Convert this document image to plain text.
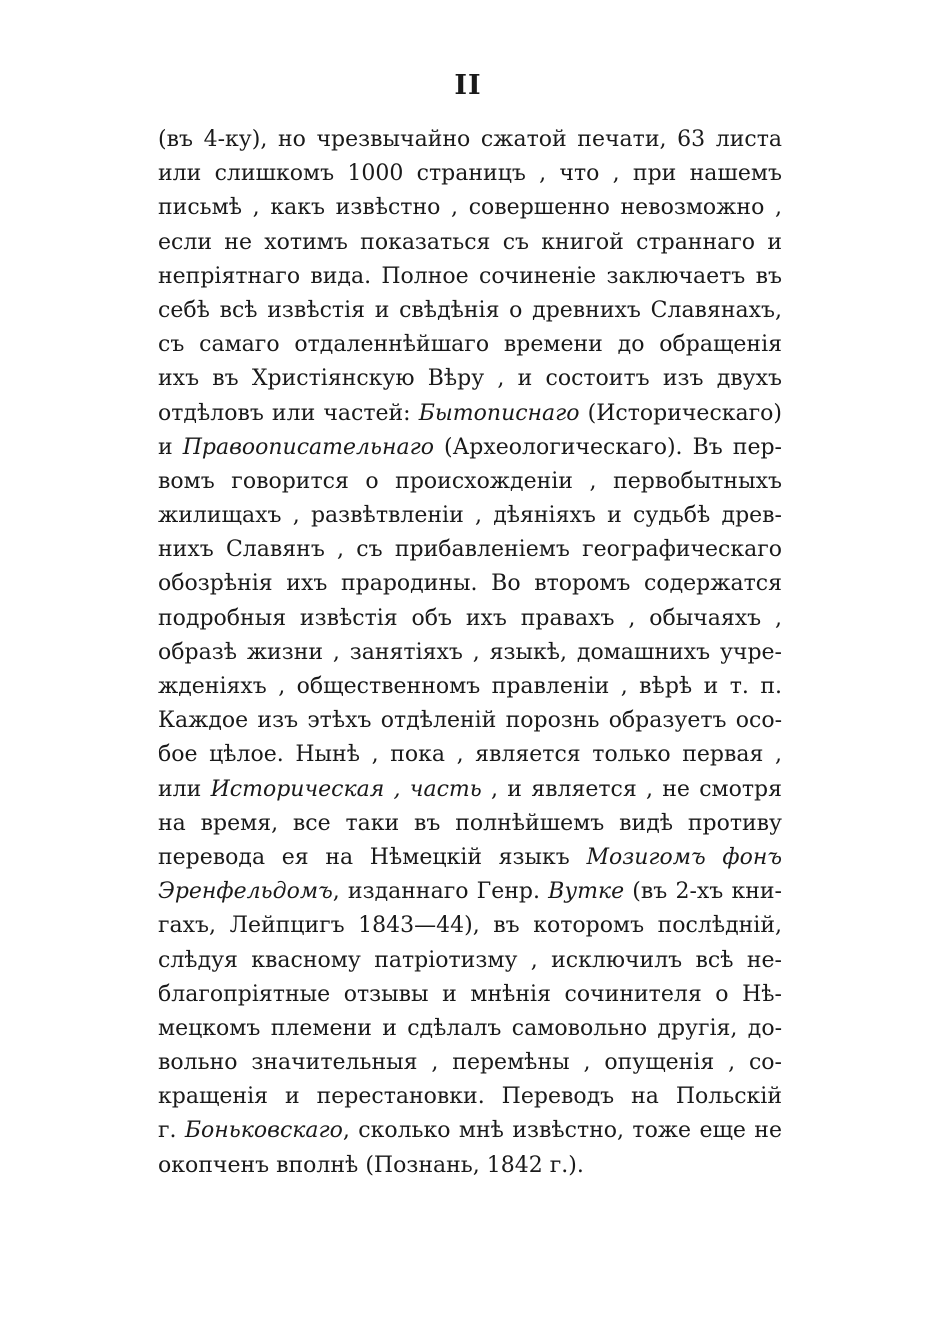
II
(въ 4-ку), но чрезвычайно сжатой печати, 63 листа
или слишкомъ 1000 страницъ , что , при нашемъ
письмѣ , какъ извѣстно , совершенно невозможно ,
если не хотимъ показаться съ книгой страннаго и
непріятнаго вида. Полное сочиненіе заключаетъ въ
себѣ всѣ извѣстія и свѣдѣнія о древнихъ Славянахъ,
съ самаго отдаленнѣйшаго времени до обращенія
ихъ въ Христіянскую Вѣру , и состоитъ изъ двухъ
отдѣловъ или частей: Бытописнаго (Историческаго)
и Правоописательнаго (Археологическаго). Въ пер-
вомъ говорится о происхожденіи , первобытныхъ
жилищахъ , развѣтвленіи , дѣяніяхъ и судьбѣ древ-
нихъ Славянъ , съ прибавленіемъ географическаго
обозрѣнія ихъ прародины. Во второмъ содержатся
подробныя извѣстія объ ихъ правахъ , обычаяхъ ,
образѣ жизни , занятіяхъ , языкѣ, домашнихъ учре-
жденіяхъ , общественномъ правленіи , вѣрѣ и т. п.
Каждое изъ этѣхъ отдѣленій порознь образуетъ осо-
бое цѣлое. Нынѣ , пока , является только первая ,
или Историческая , часть , и является , не смотря
на время, все таки въ полнѣйшемъ видѣ противу
перевода ея на Нѣмецкій языкъ Мозигомъ фонъ
Эренфельдомъ, изданнаго Генр. Вутке (въ 2-хъ кни-
гахъ, Лейпцигъ 1843—44), въ которомъ послѣдній,
слѣдуя квасному патріотизму , исключилъ всѣ не-
благопріятные отзывы и мнѣнія сочинителя о Нѣ-
мецкомъ племени и сдѣлалъ самовольно другія, до-
вольно значительныя , перемѣны , опущенія , со-
кращенія и перестановки. Переводъ на Польскій
г. Боньковскаго, сколько мнѣ извѣстно, тоже еще не
окопченъ вполнѣ (Познань, 1842 г.).
